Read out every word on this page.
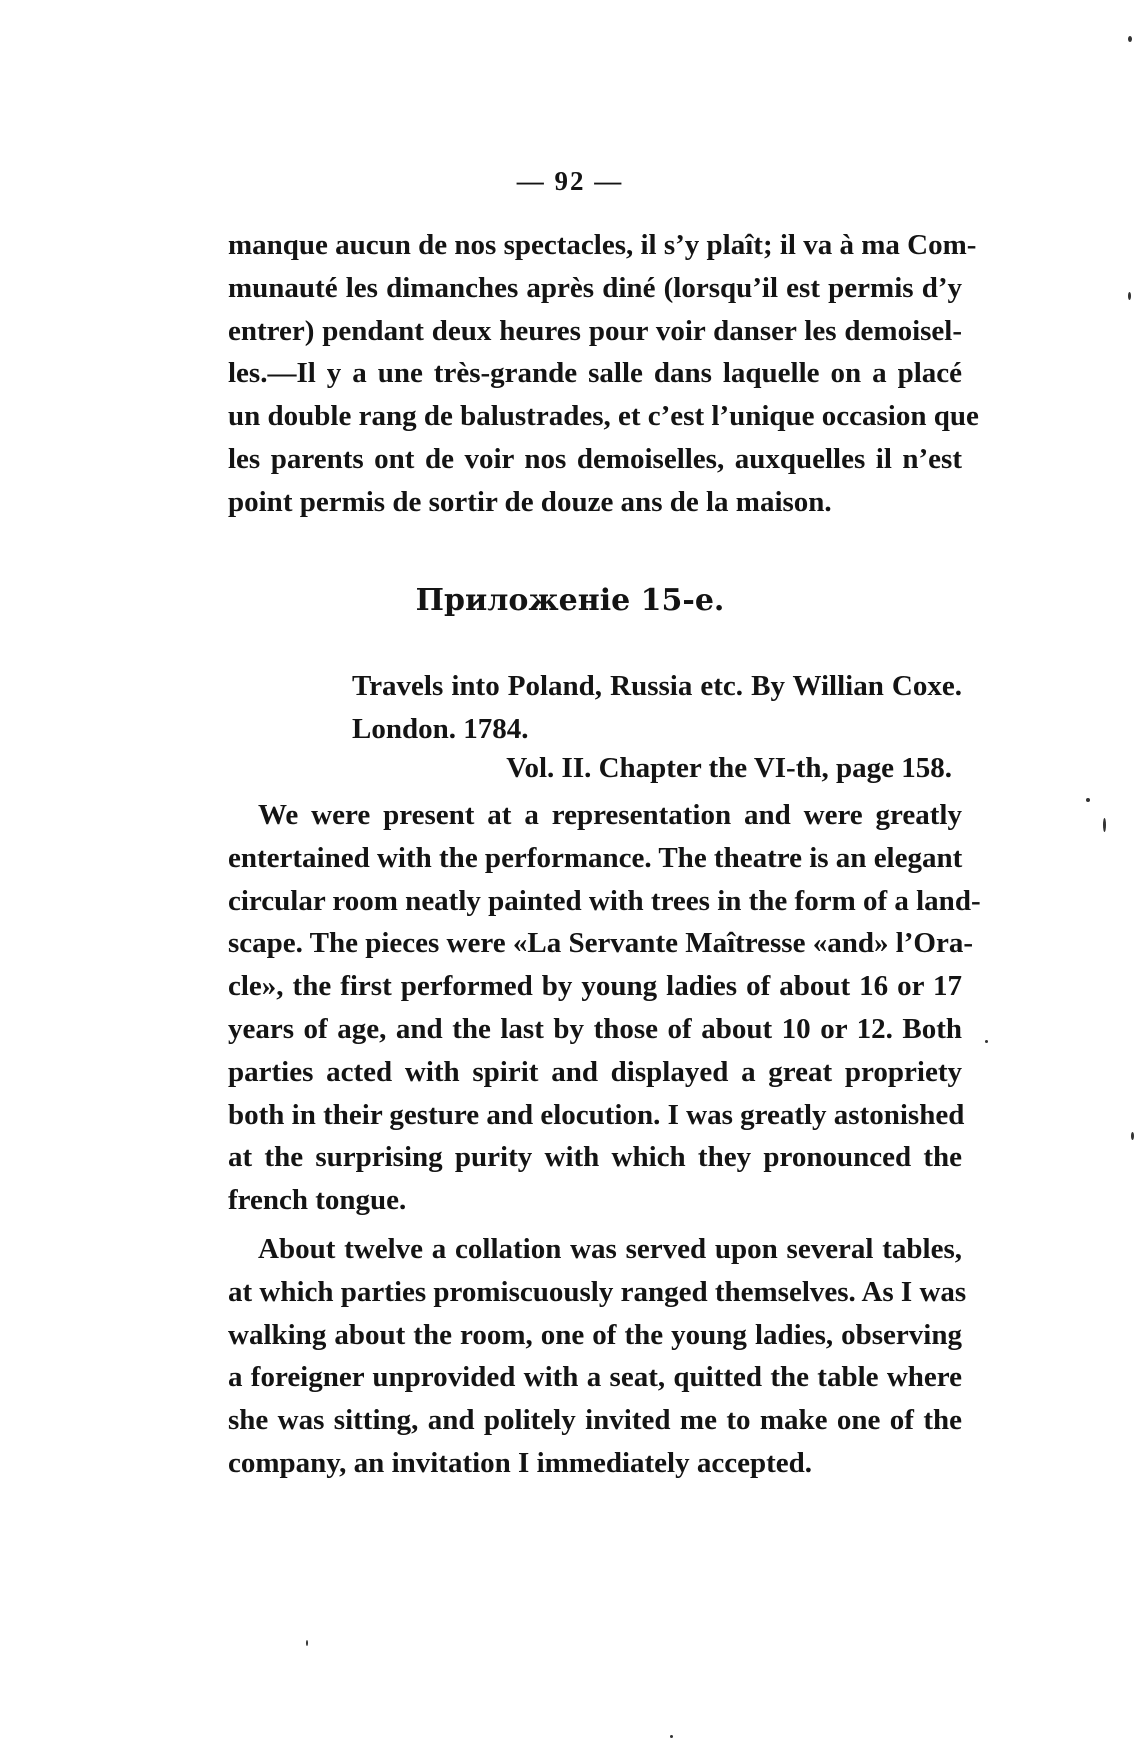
— 92 —
manque aucun de nos spectacles, il s’y plaît; il va à ma Com-
munauté les dimanches après diné (lorsqu’il est permis d’y
entrer) pendant deux heures pour voir danser les demoisel-
les.—Il y a une très-grande salle dans laquelle on a placé
un double rang de balustrades, et c’est l’unique occasion que
les parents ont de voir nos demoiselles, auxquelles il n’est
point permis de sortir de douze ans de la maison.
Приложеніе 15-е.
Travels into Poland, Russia etc. By Willian Coxe.
London. 1784.
Vol. II. Chapter the VI-th, page 158.
We were present at a representation and were greatly
entertained with the performance. The theatre is an elegant
circular room neatly painted with trees in the form of a land-
scape. The pieces were «La Servante Maîtresse «and» l’Ora-
cle», the first performed by young ladies of about 16 or 17
years of age, and the last by those of about 10 or 12. Both
parties acted with spirit and displayed a great propriety
both in their gesture and elocution. I was greatly astonished
at the surprising purity with which they pronounced the
french tongue.
About twelve a collation was served upon several tables,
at which parties promiscuously ranged themselves. As I was
walking about the room, one of the young ladies, observing
a foreigner unprovided with a seat, quitted the table where
she was sitting, and politely invited me to make one of the
company, an invitation I immediately accepted.
